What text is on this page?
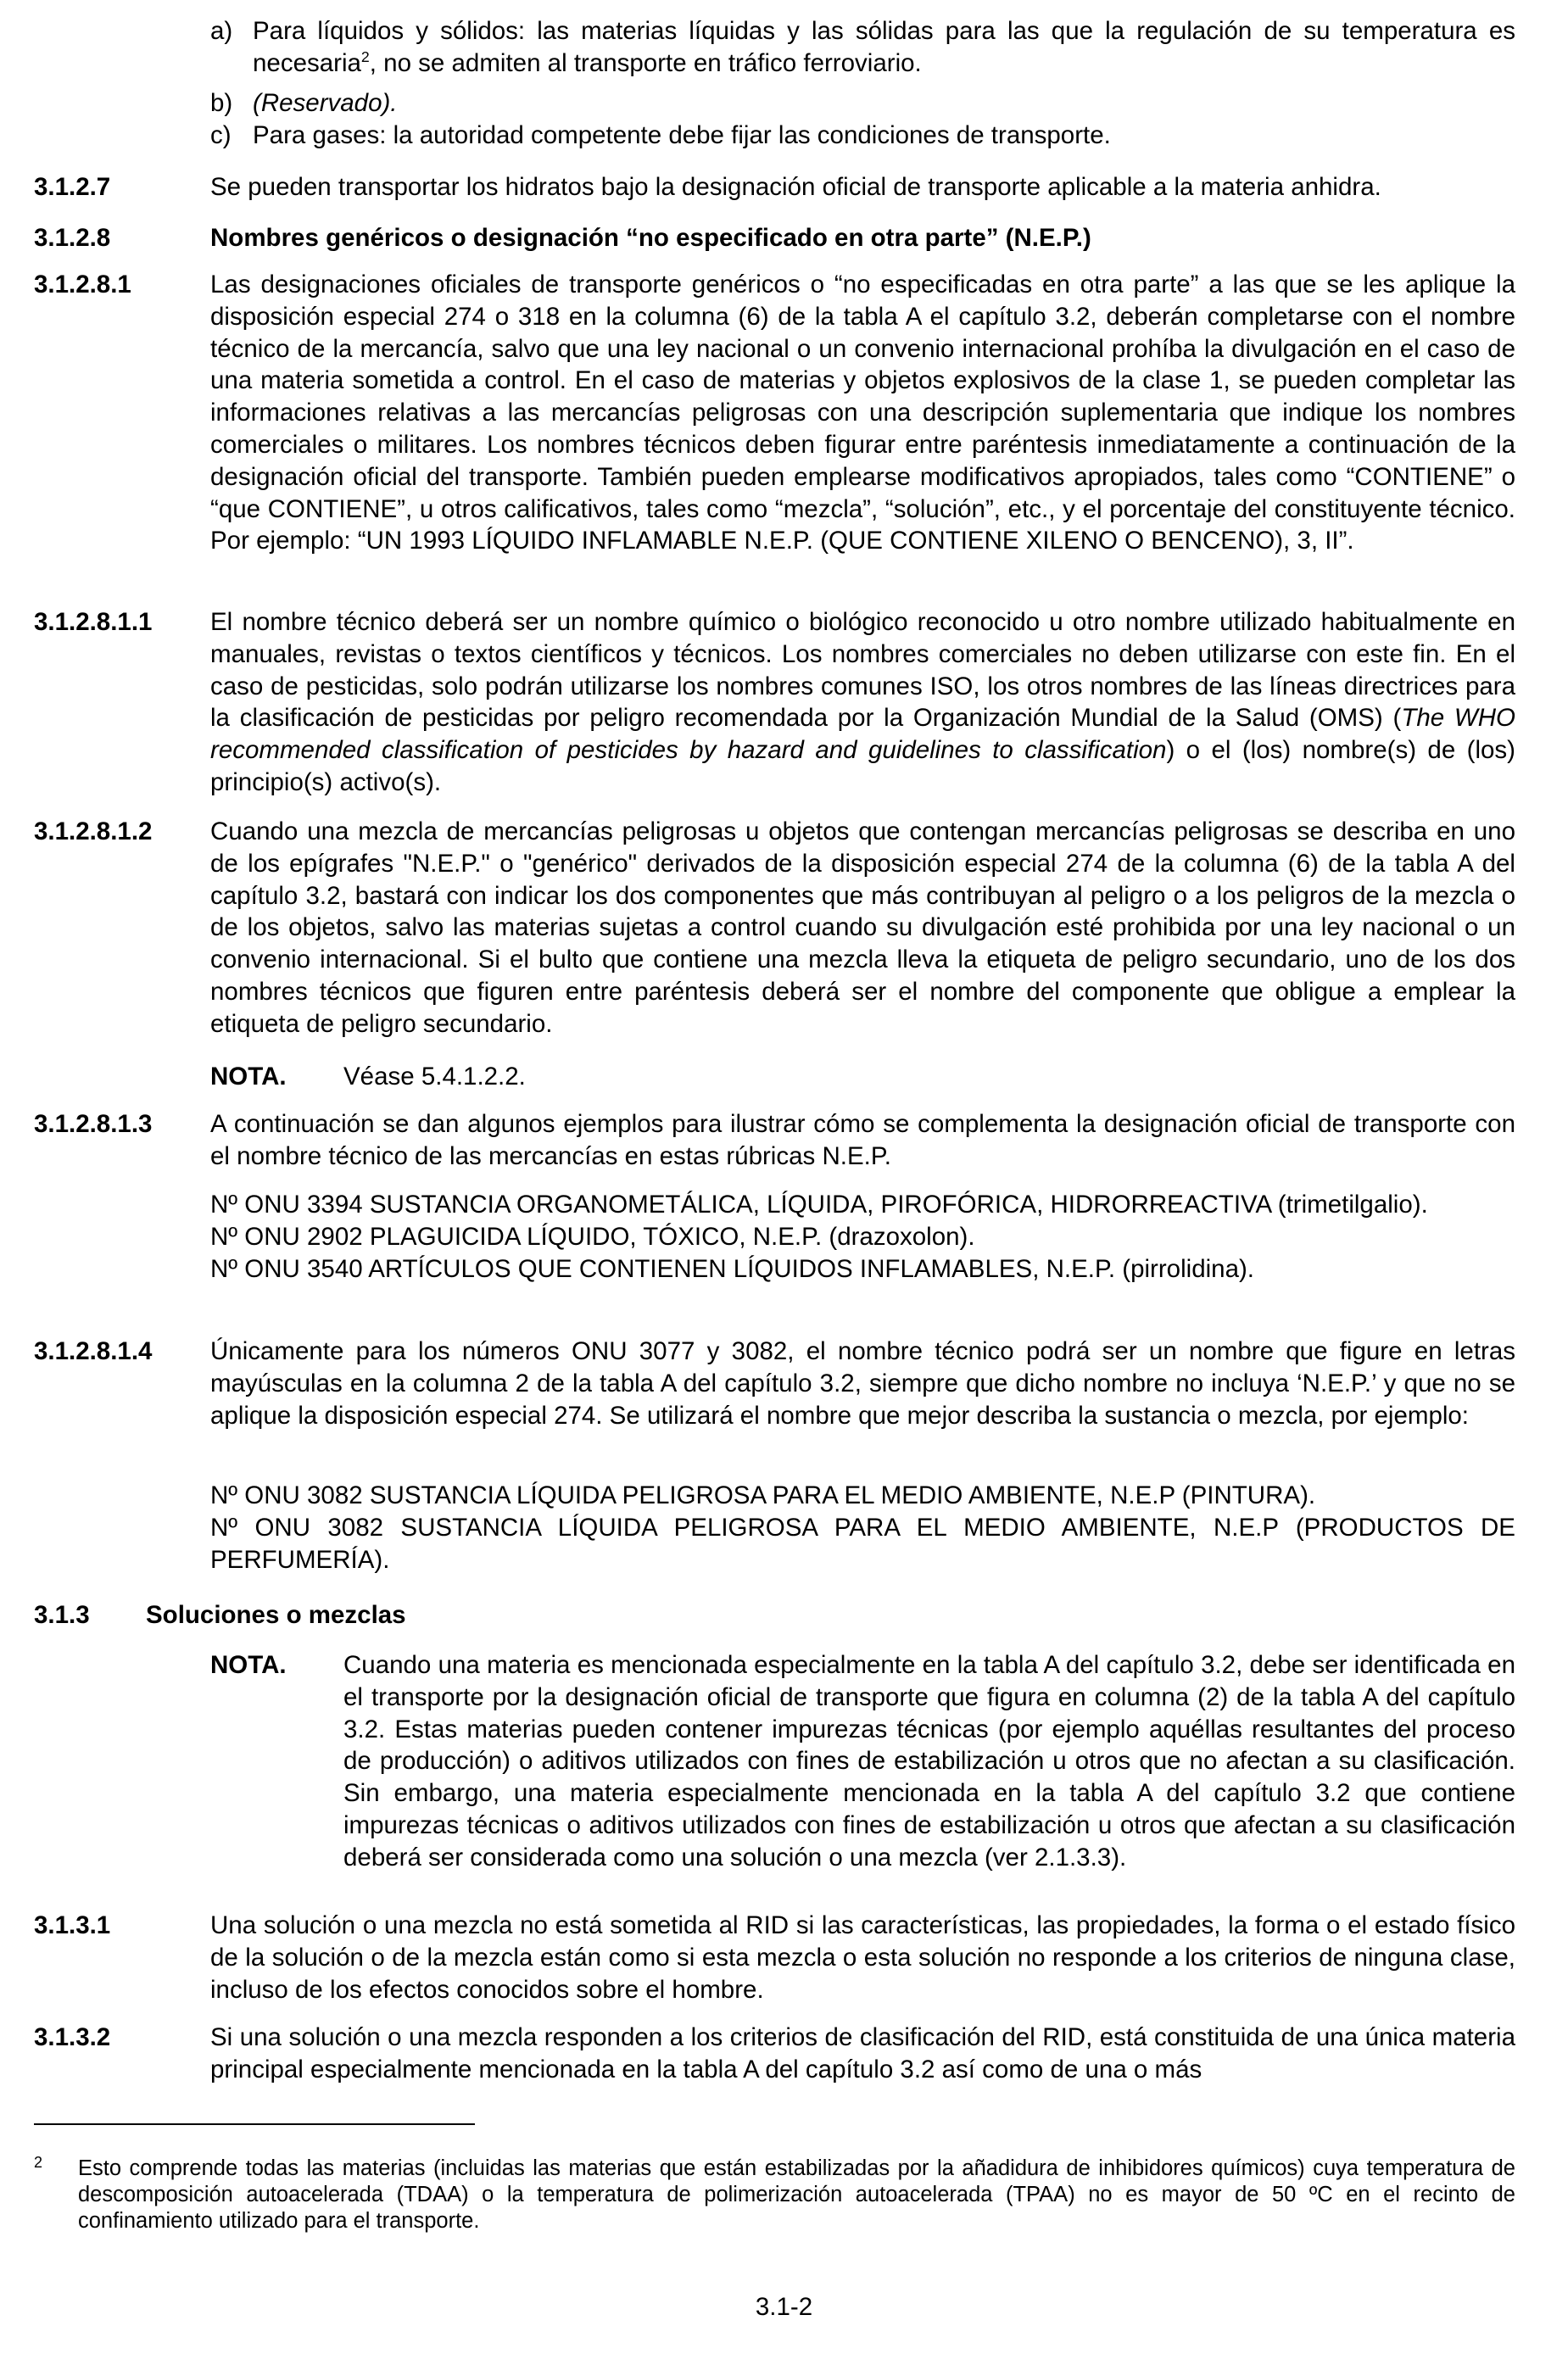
a) Para líquidos y sólidos: las materias líquidas y las sólidas para las que la regulación de su temperatura es necesaria$^2$, no se admiten al transporte en tráfico ferroviario.
b) (Reservado).
c) Para gases: la autoridad competente debe fijar las condiciones de transporte.
3.1.2.7	Se pueden transportar los hidratos bajo la designación oficial de transporte aplicable a la materia anhidra.
3.1.2.8	Nombres genéricos o designación “no especificado en otra parte” (N.E.P.)
3.1.2.8.1	Las designaciones oficiales de transporte genéricos o “no especificadas en otra parte” a las que se les aplique la disposición especial 274 o 318 en la columna (6) de la tabla A el capítulo 3.2, deberán completarse con el nombre técnico de la mercancía, salvo que una ley nacional o un convenio internacional prohíba la divulgación en el caso de una materia sometida a control. En el caso de materias y objetos explosivos de la clase 1, se pueden completar las informaciones relativas a las mercancías peligrosas con una descripción suplementaria que indique los nombres comerciales o militares. Los nombres técnicos deben figurar entre paréntesis inmediatamente a continuación de la designación oficial del transporte. También pueden emplearse modificativos apropiados, tales como “CONTIENE” o “que CONTIENE”, u otros calificativos, tales como “mezcla”, “solución”, etc., y el porcentaje del constituyente técnico. Por ejemplo: “UN 1993 LÍQUIDO INFLAMABLE N.E.P. (QUE CONTIENE XILENO O BENCENO), 3, II”.
3.1.2.8.1.1 El nombre técnico deberá ser un nombre químico o biológico reconocido u otro nombre utilizado habitualmente en manuales, revistas o textos científicos y técnicos. Los nombres comerciales no deben utilizarse con este fin. En el caso de pesticidas, solo podrán utilizarse los nombres comunes ISO, los otros nombres de las líneas directrices para la clasificación de pesticidas por peligro recomendada por la Organización Mundial de la Salud (OMS) (The WHO recommended classification of pesticides by hazard and guidelines to classification) o el (los) nombre(s) de (los) principio(s) activo(s).
3.1.2.8.1.2 Cuando una mezcla de mercancías peligrosas u objetos que contengan mercancías peligrosas se describa en uno de los epígrafes "N.E.P." o "genérico" derivados de la disposición especial 274 de la columna (6) de la tabla A del capítulo 3.2, bastará con indicar los dos componentes que más contribuyan al peligro o a los peligros de la mezcla o de los objetos, salvo las materias sujetas a control cuando su divulgación esté prohibida por una ley nacional o un convenio internacional. Si el bulto que contiene una mezcla lleva la etiqueta de peligro secundario, uno de los dos nombres técnicos que figuren entre paréntesis deberá ser el nombre del componente que obligue a emplear la etiqueta de peligro secundario.
NOTA. Véase 5.4.1.2.2.
3.1.2.8.1.3 A continuación se dan algunos ejemplos para ilustrar cómo se complementa la designación oficial de transporte con el nombre técnico de las mercancías en estas rúbricas N.E.P.

Nº ONU 3394 SUSTANCIA ORGANOMETÁLICA, LÍQUIDA, PIROFÓRICA, HIDRORREACTIVA (trimetilgalio).

Nº ONU 2902 PLAGUICIDA LÍQUIDO, TÓXICO, N.E.P. (drazoxolon).

Nº ONU 3540 ARTÍCULOS QUE CONTIENEN LÍQUIDOS INFLAMABLES, N.E.P. (pirrolidina).

3.1.2.8.1.4 Únicamente para los números ONU 3077 y 3082, el nombre técnico podrá ser un nombre que figure en letras mayúsculas en la columna 2 de la tabla A del capítulo 3.2, siempre que dicho nombre no incluya ‘N.E.P.’ y que no se aplique la disposición especial 274. Se utilizará el nombre que mejor describa la sustancia o mezcla, por ejemplo:

Nº ONU 3082 SUSTANCIA LÍQUIDA PELIGROSA PARA EL MEDIO AMBIENTE, N.E.P (PINTURA).

Nº ONU 3082 SUSTANCIA LÍQUIDA PELIGROSA PARA EL MEDIO AMBIENTE, N.E.P (PRODUCTOS DE PERFUMERÍA).

3.1.3 Soluciones o mezclas
NOTA. Cuando una materia es mencionada especialmente en la tabla A del capítulo 3.2, debe ser identificada en el transporte por la designación oficial de transporte que figura en columna (2) de la tabla A del capítulo 3.2. Estas materias pueden contener impurezas técnicas (por ejemplo aquéllas resultantes del proceso de producción) o aditivos utilizados con fines de estabilización u otros que no afectan a su clasificación. Sin embargo, una materia especialmente mencionada en la tabla A del capítulo 3.2 que contiene impurezas técnicas o aditivos utilizados con fines de estabilización u otros que afectan a su clasificación deberá ser considerada como una solución o una mezcla (ver 2.1.3.3).
3.1.3.1	Una solución o una mezcla no está sometida al RID si las características, las propiedades, la forma o el estado físico de la solución o de la mezcla están como si esta mezcla o esta solución no responde a los criterios de ninguna clase, incluso de los efectos conocidos sobre el hombre.
3.1.3.2	Si una solución o una mezcla responden a los criterios de clasificación del RID, está constituida de una única materia principal especialmente mencionada en la tabla A del capítulo 3.2 así como de una o más
2 Esto comprende todas las materias (incluidas las materias que están estabilizadas por la añadidura de inhibidores químicos) cuya temperatura de descomposición autoacelerada (TDAA) o la temperatura de polimerización autoacelerada (TPAA) no es mayor de 50 ºC en el recinto de confinamiento utilizado para el transporte.
3.1-2
